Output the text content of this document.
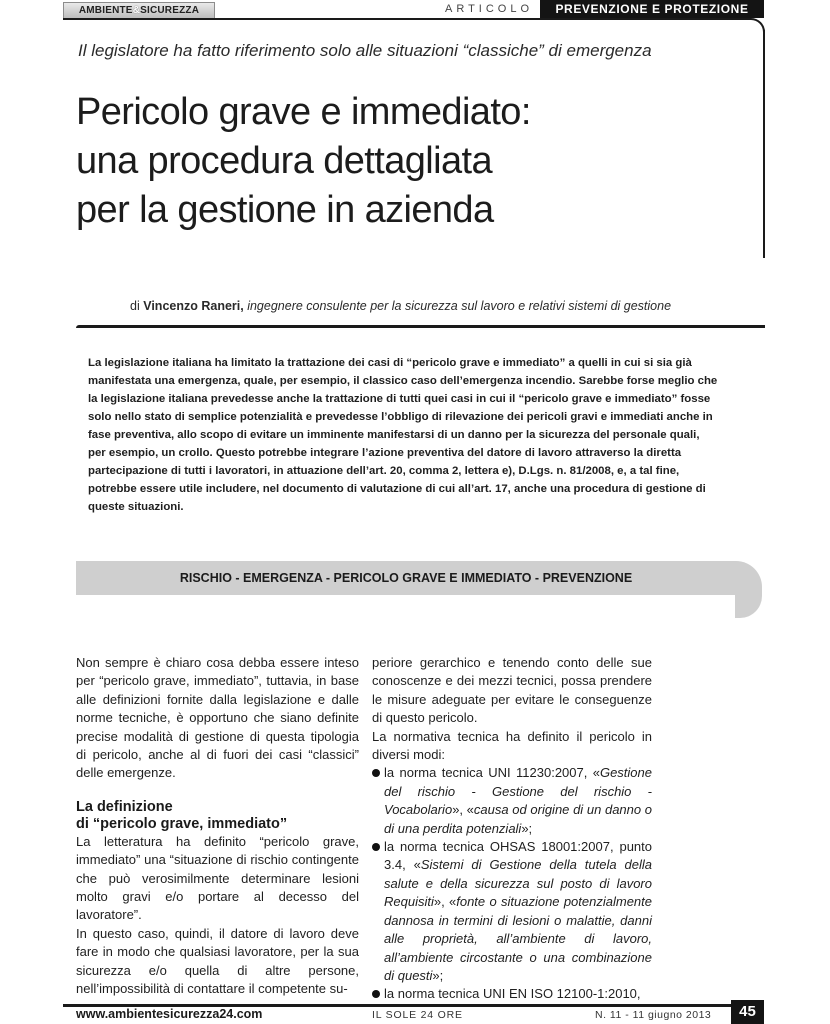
AMBIENTE&SICUREZZA	ARTICOLO	PREVENZIONE E PROTEZIONE
Il legislatore ha fatto riferimento solo alle situazioni “classiche” di emergenza
Pericolo grave e immediato:
una procedura dettagliata
per la gestione in azienda
di Vincenzo Raneri, ingegnere consulente per la sicurezza sul lavoro e relativi sistemi di gestione
La legislazione italiana ha limitato la trattazione dei casi di “pericolo grave e immediato” a quelli in cui si sia già
manifestata una emergenza, quale, per esempio, il classico caso dell’emergenza incendio. Sarebbe forse meglio che
la legislazione italiana prevedesse anche la trattazione di tutti quei casi in cui il “pericolo grave e immediato” fosse
solo nello stato di semplice potenzialità e prevedesse l’obbligo di rilevazione dei pericoli gravi e immediati anche in
fase preventiva, allo scopo di evitare un imminente manifestarsi di un danno per la sicurezza del personale quali,
per esempio, un crollo. Questo potrebbe integrare l’azione preventiva del datore di lavoro attraverso la diretta
partecipazione di tutti i lavoratori, in attuazione dell’art. 20, comma 2, lettera e), D.Lgs. n. 81/2008, e, a tal fine,
potrebbe essere utile includere, nel documento di valutazione di cui all’art. 17, anche una procedura di gestione di
queste situazioni.
RISCHIO - EMERGENZA - PERICOLO GRAVE E IMMEDIATO - PREVENZIONE

Non sempre è chiaro cosa debba essere inteso per “pericolo grave, immediato”, tuttavia, in base alle definizioni fornite dalla legislazione e dalle norme tecniche, è opportuno che siano definite precise modalità di gestione di questa tipologia di pericolo, anche al di fuori dei casi “classici” delle emergenze.

La definizione
di “pericolo grave, immediato”

La letteratura ha definito “pericolo grave, immediato” una “situazione di rischio contingente che può verosimilmente determinare lesioni molto gravi e/o portare al decesso del lavoratore”.

In questo caso, quindi, il datore di lavoro deve fare in modo che qualsiasi lavoratore, per la sua sicurezza e/o quella di altre persone, nell’impossibilità di contattare il competente su-

periore gerarchico e tenendo conto delle sue conoscenze e dei mezzi tecnici, possa prendere le misure adeguate per evitare le conseguenze di questo pericolo.

La normativa tecnica ha definito il pericolo in diversi modi:

la norma tecnica UNI 11230:2007, «Gestione del rischio - Gestione del rischio - Vocabolario», «causa od origine di un danno o di una perdita potenziali»;
la norma tecnica OHSAS 18001:2007, punto 3.4, «Sistemi di Gestione della tutela della salute e della sicurezza sul posto di lavoro Requisiti», «fonte o situazione potenzialmente dannosa in termini di lesioni o malattie, danni alle proprietà, all’ambiente di lavoro, all’ambiente circostante o una combinazione di questi»;
la norma tecnica UNI EN ISO 12100-1:2010,
www.ambientesicurezza24.com	IL SOLE 24 ORE	N. 11 - 11 giugno 2013	45
